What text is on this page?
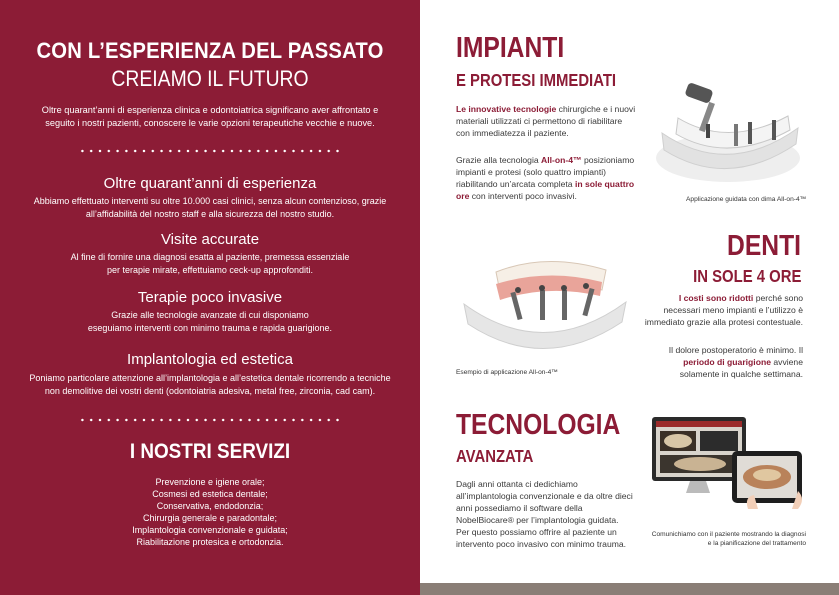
CON L’ESPERIENZA DEL PASSATO
CREIAMO IL FUTURO

Oltre quarant’anni di esperienza clinica e odontoiatrica significano aver affrontato e seguito i nostri pazienti, conoscere le varie opzioni terapeutiche vecchie e nuove.

Oltre quarant’anni di esperienza

Abbiamo effettuato interventi su oltre 10.000 casi clinici, senza alcun contenzioso, grazie all’affidabilità del nostro staff e alla sicurezza del nostro studio.

Visite accurate

Al fine di fornire una diagnosi esatta al paziente, premessa essenziale
per terapie mirate, effettuiamo ceck-up approfonditi.

Terapie poco invasive

Grazie alle tecnologie avanzate di cui disponiamo
eseguiamo interventi con minimo trauma e rapida guarigione.

Implantologia ed estetica

Poniamo particolare attenzione all’implantologia e all’estetica dentale ricorrendo a tecniche
non demolitive dei vostri denti (odontoiatria adesiva, metal free, zirconia, cad cam).

I NOSTRI SERVIZI
Prevenzione e igiene orale;
Cosmesi ed estetica dentale;
Conservativa, endodonzia;
Chirurgia generale e paradontale;
Implantologia convenzionale e guidata;
Riabilitazione protesica e ortodonzia.
IMPIANTI
E PROTESI IMMEDIATI

Le innovative tecnologie chirurgiche e i nuovi materiali utilizzati ci permettono di riabilitare con immediatezza il paziente.

Grazie alla tecnologia All-on-4™ posizioniamo impianti e protesi (solo quattro impianti) riabilitando un’arcata completa in sole quattro ore con interventi poco invasivi.	Applicazione guidata con dima All-on-4™
DENTI
IN SOLE 4 ORE

I costi sono ridotti perché sono necessari meno impianti e l’utilizzo è immediato grazie alla protesi contestuale.

Il dolore postoperatorio è minimo. Il periodo di guarigione avviene solamente in qualche settimana.

Esempio di applicazione All-on-4™
TECNOLOGIA
AVANZATA

Dagli anni ottanta ci dedichiamo all’implantologia convenzionale e da oltre dieci anni possediamo il software della NobelBiocare® per l’implantologia guidata. Per questo possiamo offrire al paziente un intervento poco invasivo con minimo trauma.

Comunichiamo con il paziente mostrando la diagnosi
e la pianificazione del trattamento
